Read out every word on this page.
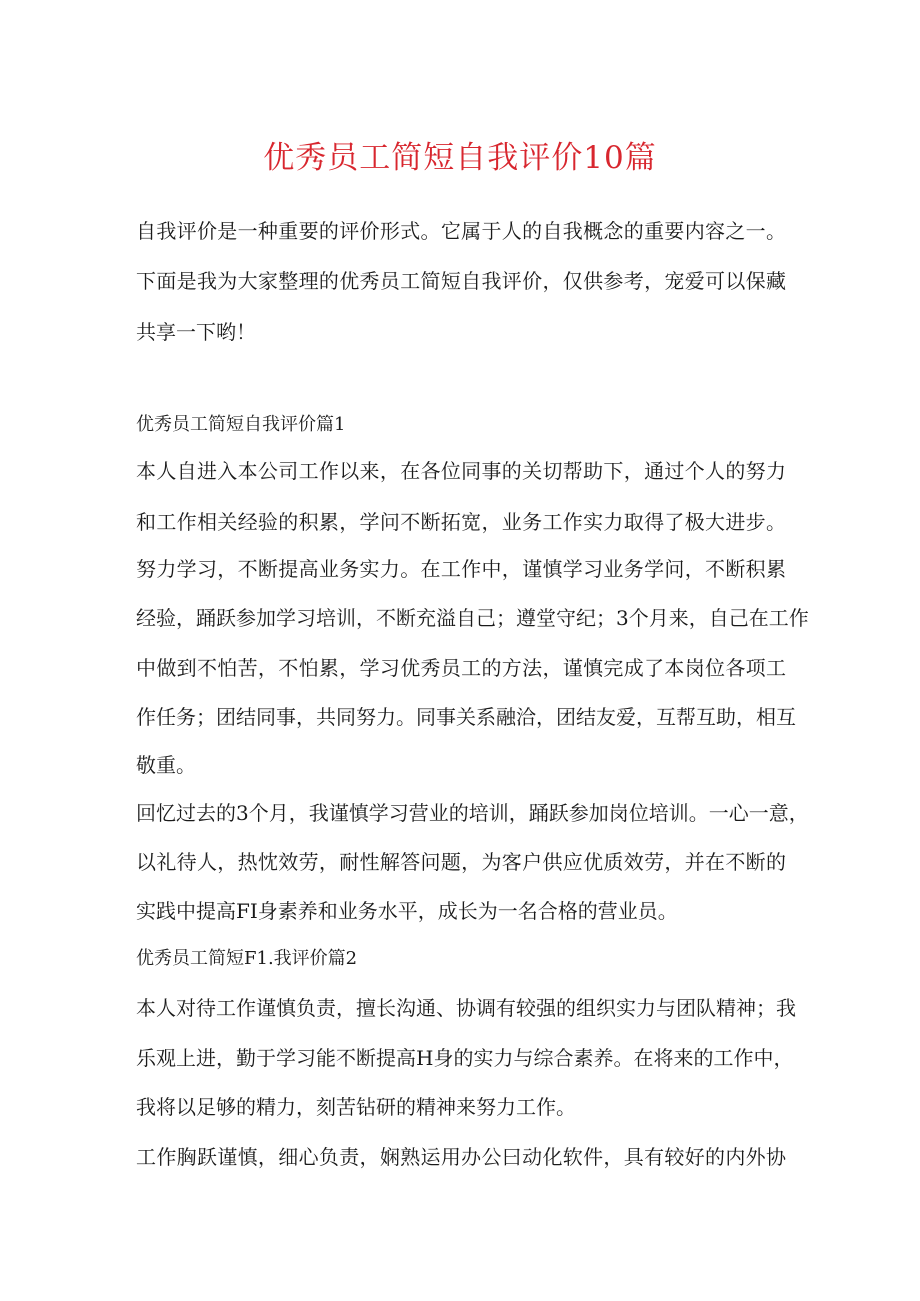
优秀员工简短自我评价10篇
自我评价是一种重要的评价形式。它属于人的自我概念的重要内容之一。
下面是我为大家整理的优秀员工简短自我评价，仅供参考，宠爱可以保藏
共享一下哟！
优秀员工简短自我评价篇1
本人自进入本公司工作以来，在各位同事的关切帮助下，通过个人的努力
和工作相关经验的积累，学问不断拓宽，业务工作实力取得了极大进步。
努力学习，不断提高业务实力。在工作中，谨慎学习业务学问，不断积累
经验，踊跃参加学习培训，不断充溢自己；遵堂守纪；3个月来，自己在工作
中做到不怕苦，不怕累，学习优秀员工的方法，谨慎完成了本岗位各项工
作任务；团结同事，共同努力。同事关系融洽，团结友爱，互帮互助，相互
敬重。
回忆过去的3个月，我谨慎学习营业的培训，踊跃参加岗位培训。一心一意，
以礼待人，热忱效劳，耐性解答问题，为客户供应优质效劳，并在不断的
实践中提高FI身素养和业务水平，成长为一名合格的营业员。
优秀员工简短F1.我评价篇2
本人对待工作谨慎负责，擅长沟通、协调有较强的组织实力与团队精神；我
乐观上进，勤于学习能不断提高H身的实力与综合素养。在将来的工作中，
我将以足够的精力，刻苦钻研的精神来努力工作。
工作胸跃谨慎，细心负责，娴熟运用办公曰动化软件，具有较好的内外协
